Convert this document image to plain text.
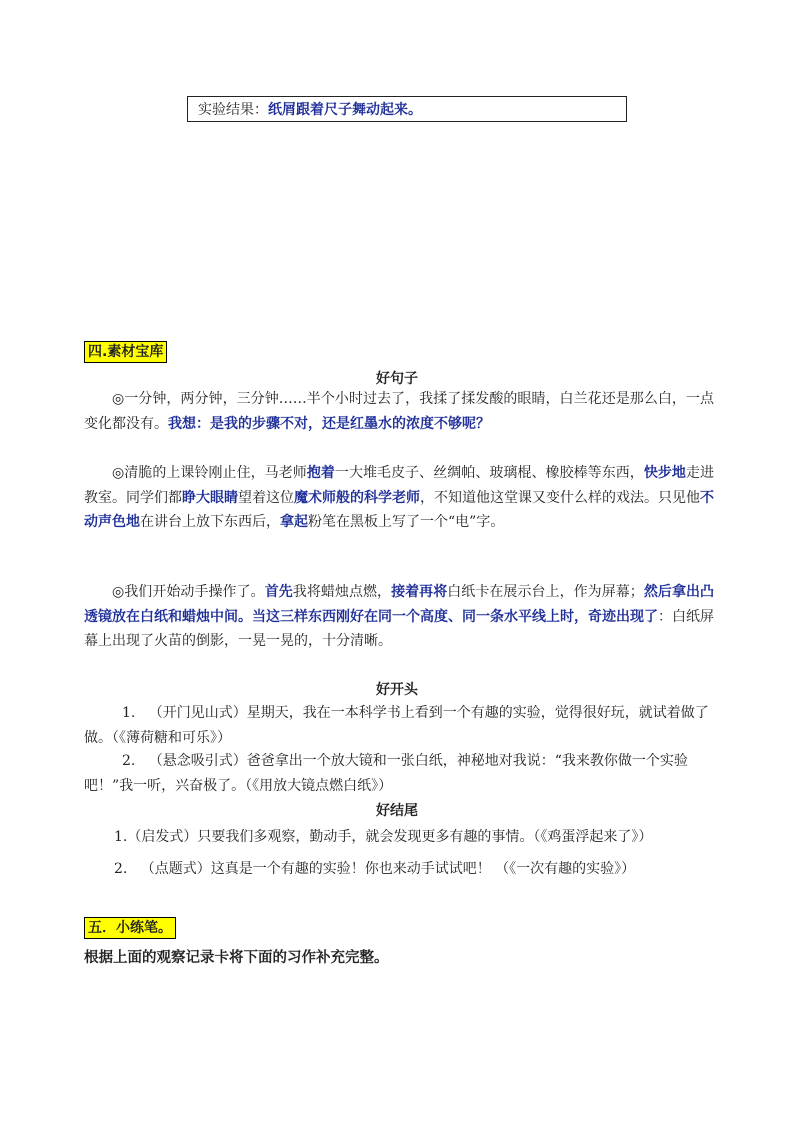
实验结果：纸屑跟着尺子舞动起来。
四.素材宝库
好句子
◎一分钟，两分钟，三分钟……半个小时过去了，我揉了揉发酸的眼睛，白兰花还是那么白，一点变化都没有。我想：是我的步骤不对，还是红墨水的浓度不够呢？
◎清脆的上课铃刚止住，马老师抱着一大堆毛皮子、丝绸帕、玻璃棍、橡胶棒等东西，快步地走进教室。同学们都睁大眼睛望着这位魔术师般的科学老师，不知道他这堂课又变什么样的戏法。只见他不动声色地在讲台上放下东西后，拿起粉笔在黑板上写了一个“电”字。
◎我们开始动手操作了。首先我将蜡烛点燃，接着再将白纸卡在展示台上，作为屏幕；然后拿出凸透镜放在白纸和蜡烛中间。当这三样东西刚好在同一个高度、同一条水平线上时，奇迹出现了：白纸屏幕上出现了火苗的倒影，一晃一晃的，十分清晰。
好开头
1. （开门见山式）星期天，我在一本科学书上看到一个有趣的实验，觉得很好玩，就试着做了做。（《薄荷糖和可乐》）
2. （悬念吸引式）爸爸拿出一个放大镜和一张白纸，神秘地对我说：“我来教你做一个实验吧！”我一听，兴奋极了。（《用放大镜点燃白纸》）
好结尾
1.（启发式）只要我们多观察，勤动手，就会发现更多有趣的事情。（《鸡蛋浮起来了》）
2. （点题式）这真是一个有趣的实验！你也来动手试试吧！ （《一次有趣的实验》）
五．小练笔。
根据上面的观察记录卡将下面的习作补充完整。
